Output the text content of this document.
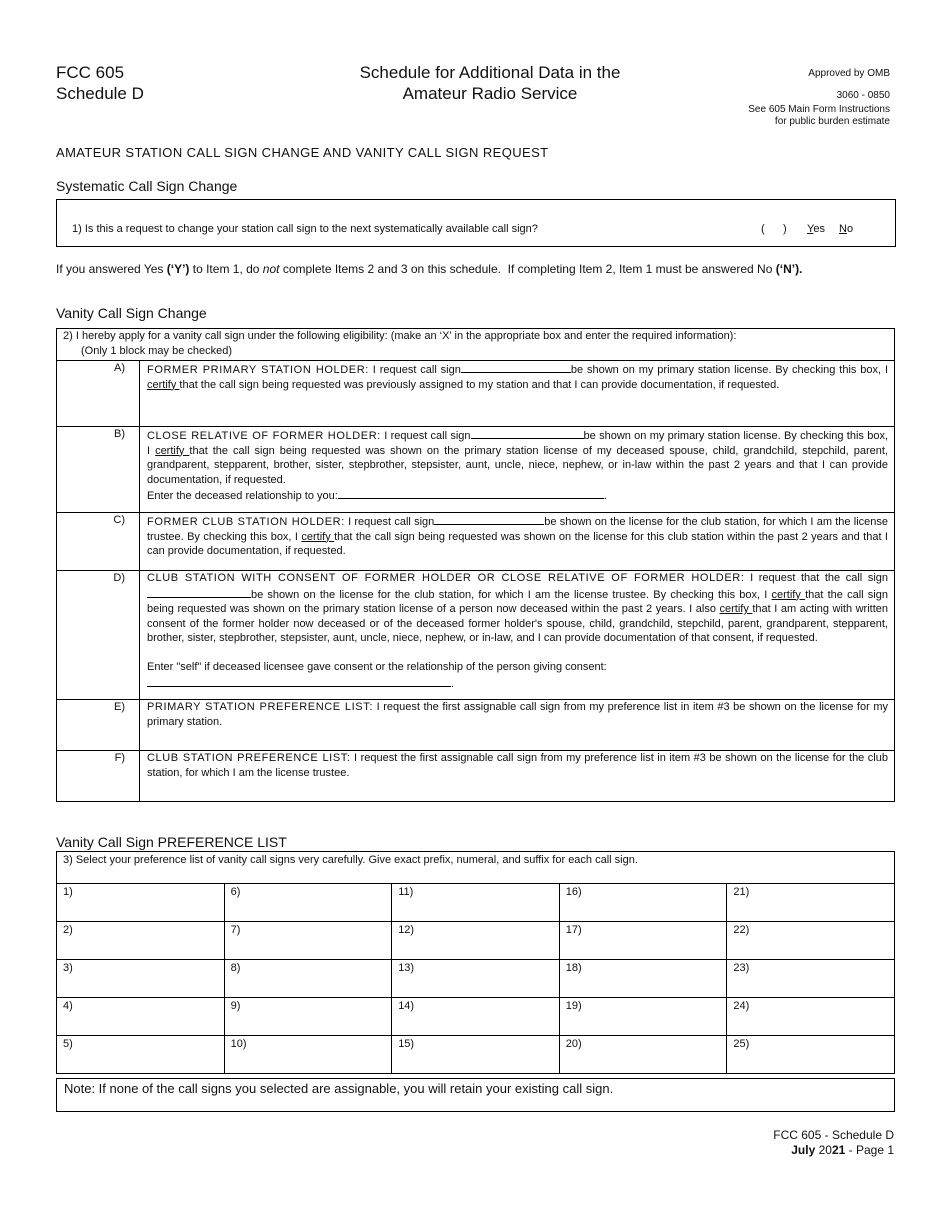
FCC 605
Schedule D
Schedule for Additional Data in the
Amateur Radio Service
Approved by OMB
3060 - 0850
See 605 Main Form Instructions
for public burden estimate
AMATEUR STATION CALL SIGN CHANGE AND VANITY CALL SIGN REQUEST
Systematic Call Sign Change
1) Is this a request to change your station call sign to the next systematically available call sign?	(      ) Yes No
If you answered Yes (‘Y’) to Item 1, do not complete Items 2 and 3 on this schedule.  If completing Item 2, Item 1 must be answered No (‘N’).
Vanity Call Sign Change
2) I hereby apply for a vanity call sign under the following eligibility: (make an ‘X’ in the appropriate box and enter the required information):
(Only 1 block may be checked)	

A)	FORMER PRIMARY STATION HOLDER: I request call sign be shown on my primary station license. By checking this box, I certify that the call sign being requested was previously assigned to my station and that I can provide documentation, if requested.
B)	CLOSE RELATIVE OF FORMER HOLDER: I request call sign be shown on my primary station license. By checking this box, I certify that the call sign being requested was shown on the primary station license of my deceased spouse, child, grandchild, stepchild, parent, grandparent, stepparent, brother, sister, stepbrother, stepsister, aunt, uncle, niece, nephew, or in-law within the past 2 years and that I can provide documentation, if requested.
Enter the deceased relationship to you: .

C)	FORMER CLUB STATION HOLDER: I request call sign be shown on the license for the club station, for which I am the license trustee. By checking this box, I certify that the call sign being requested was shown on the license for this club station within the past 2 years and that I can provide documentation, if requested.
D)	CLUB STATION WITH CONSENT OF FORMER HOLDER OR CLOSE RELATIVE OF FORMER HOLDER: I request that the call sign be shown on the license for the club station, for which I am the license trustee. By checking this box, I certify that the call sign being requested was shown on the primary station license of a person now deceased within the past 2 years. I also certify that I am acting with written consent of the former holder now deceased or of the deceased former holder's spouse, child, grandchild, stepchild, parent, grandparent, stepparent, brother, sister, stepbrother, stepsister, aunt, uncle, niece, nephew, or in-law, and I can provide documentation of that consent, if requested.
Enter "self" if deceased licensee gave consent or the relationship of the person giving consent:
.

E)	PRIMARY STATION PREFERENCE LIST: I request the first assignable call sign from my preference list in item #3 be shown on the license for my primary station.
F)	CLUB STATION PREFERENCE LIST: I request the first assignable call sign from my preference list in item #3 be shown on the license for the club station, for which I am the license trustee.
Vanity Call Sign PREFERENCE LIST
3) Select your preference list of vanity call signs very carefully. Give exact prefix, numeral, and suffix for each call sign.
1)	6)	11)	16)	21)
2)	7)	12)	17)	22)
3)	8)	13)	18)	23)
4)	9)	14)	19)	24)
5)	10)	15)	20)	25)
Note: If none of the call signs you selected are assignable, you will retain your existing call sign.
FCC 605 - Schedule D
July 2021 - Page 1
